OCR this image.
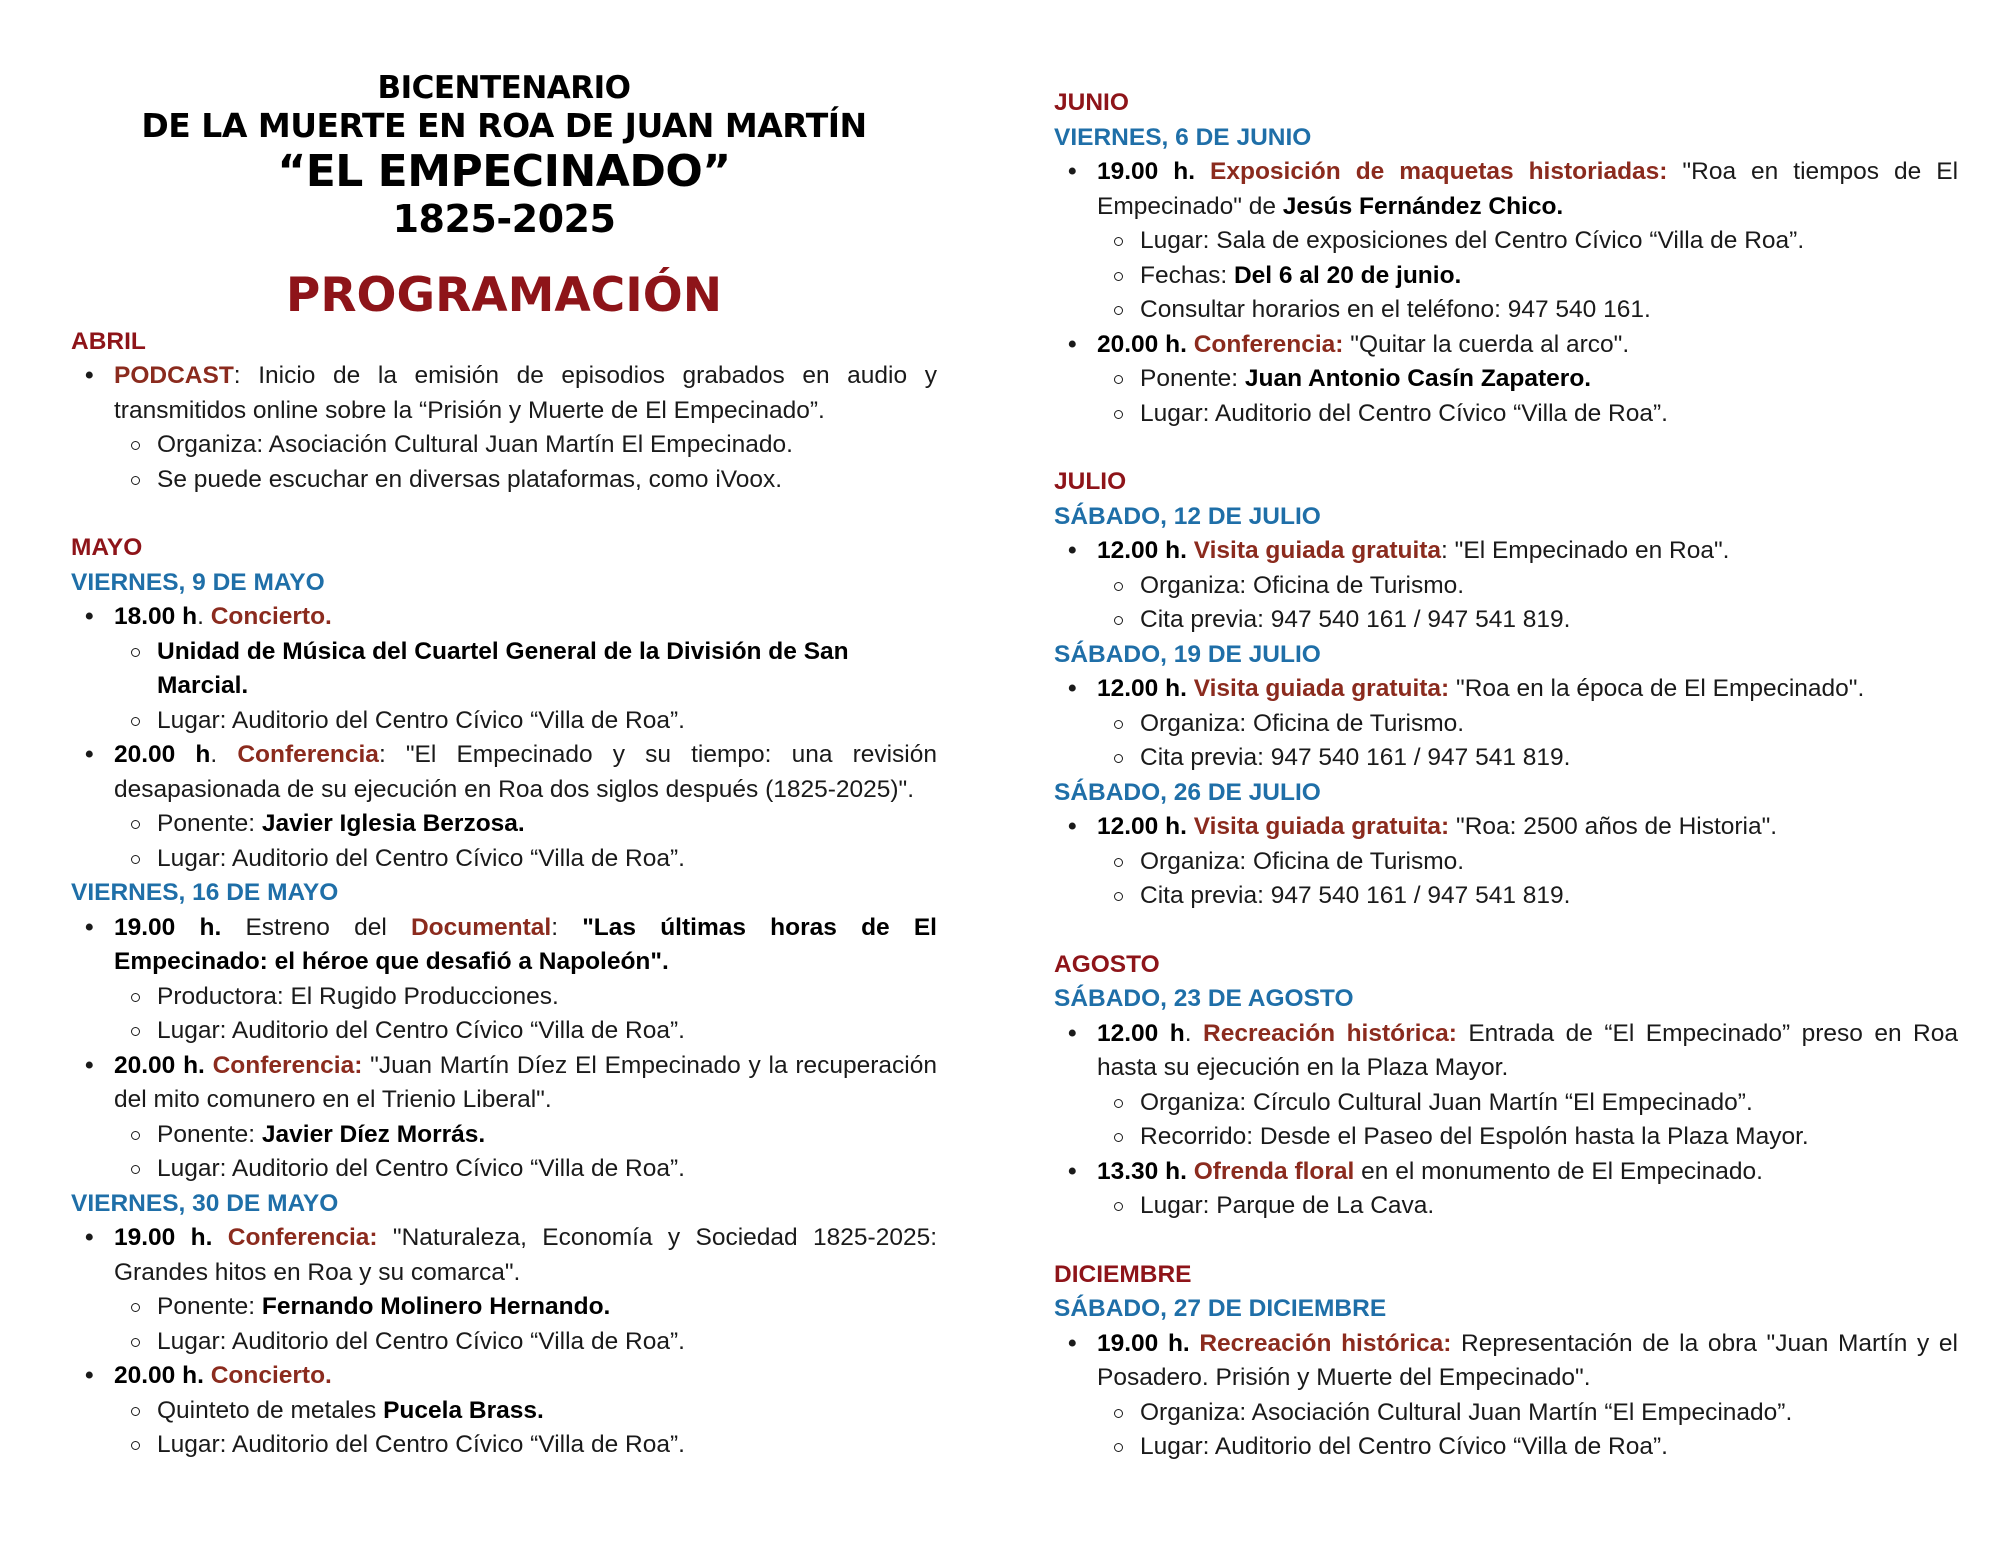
BICENTENARIO
DE LA MUERTE EN ROA DE JUAN MARTÍN
“EL EMPECINADO”
1825-2025
PROGRAMACIÓN
ABRIL
• PODCAST: Inicio de la emisión de episodios grabados en audio y transmitidos online sobre la “Prisión y Muerte de El Empecinado”.
Organiza: Asociación Cultural Juan Martín El Empecinado.
Se puede escuchar en diversas plataformas, como iVoox.
MAYO
VIERNES, 9 DE MAYO
• 18.00 h. Concierto.
Unidad de Música del Cuartel General de la División de San Marcial.
Lugar: Auditorio del Centro Cívico “Villa de Roa”.
• 20.00 h. Conferencia: "El Empecinado y su tiempo: una revisión desapasionada de su ejecución en Roa dos siglos después (1825-2025)".
Ponente: Javier Iglesia Berzosa.
Lugar: Auditorio del Centro Cívico “Villa de Roa”.
VIERNES, 16 DE MAYO
• 19.00 h. Estreno del Documental: "Las últimas horas de El Empecinado: el héroe que desafió a Napoleón".
Productora: El Rugido Producciones.
Lugar: Auditorio del Centro Cívico “Villa de Roa”.
• 20.00 h. Conferencia: "Juan Martín Díez El Empecinado y la recuperación del mito comunero en el Trienio Liberal".
Ponente: Javier Díez Morrás.
Lugar: Auditorio del Centro Cívico “Villa de Roa”.
VIERNES, 30 DE MAYO
• 19.00 h. Conferencia: "Naturaleza, Economía y Sociedad 1825-2025: Grandes hitos en Roa y su comarca".
Ponente: Fernando Molinero Hernando.
Lugar: Auditorio del Centro Cívico “Villa de Roa”.
• 20.00 h. Concierto.
Quinteto de metales Pucela Brass.
Lugar: Auditorio del Centro Cívico “Villa de Roa”.
JUNIO
VIERNES, 6 DE JUNIO
• 19.00 h. Exposición de maquetas historiadas: "Roa en tiempos de El Empecinado" de Jesús Fernández Chico.
Lugar: Sala de exposiciones del Centro Cívico “Villa de Roa”.
Fechas: Del 6 al 20 de junio.
Consultar horarios en el teléfono: 947 540 161.
• 20.00 h. Conferencia: "Quitar la cuerda al arco".
Ponente: Juan Antonio Casín Zapatero.
Lugar: Auditorio del Centro Cívico “Villa de Roa”.
JULIO
SÁBADO, 12 DE JULIO
• 12.00 h. Visita guiada gratuita: "El Empecinado en Roa".
Organiza: Oficina de Turismo.
Cita previa: 947 540 161 / 947 541 819.
SÁBADO, 19 DE JULIO
• 12.00 h. Visita guiada gratuita: "Roa en la época de El Empecinado".
Organiza: Oficina de Turismo.
Cita previa: 947 540 161 / 947 541 819.
SÁBADO, 26 DE JULIO
• 12.00 h. Visita guiada gratuita: "Roa: 2500 años de Historia".
Organiza: Oficina de Turismo.
Cita previa: 947 540 161 / 947 541 819.
AGOSTO
SÁBADO, 23 DE AGOSTO
• 12.00 h. Recreación histórica: Entrada de “El Empecinado” preso en Roa hasta su ejecución en la Plaza Mayor.
Organiza: Círculo Cultural Juan Martín “El Empecinado”.
Recorrido: Desde el Paseo del Espolón hasta la Plaza Mayor.
• 13.30 h. Ofrenda floral en el monumento de El Empecinado.
Lugar: Parque de La Cava.
DICIEMBRE
SÁBADO, 27 DE DICIEMBRE
• 19.00 h. Recreación histórica: Representación de la obra "Juan Martín y el Posadero. Prisión y Muerte del Empecinado".
Organiza: Asociación Cultural Juan Martín “El Empecinado”.
Lugar: Auditorio del Centro Cívico “Villa de Roa”.
